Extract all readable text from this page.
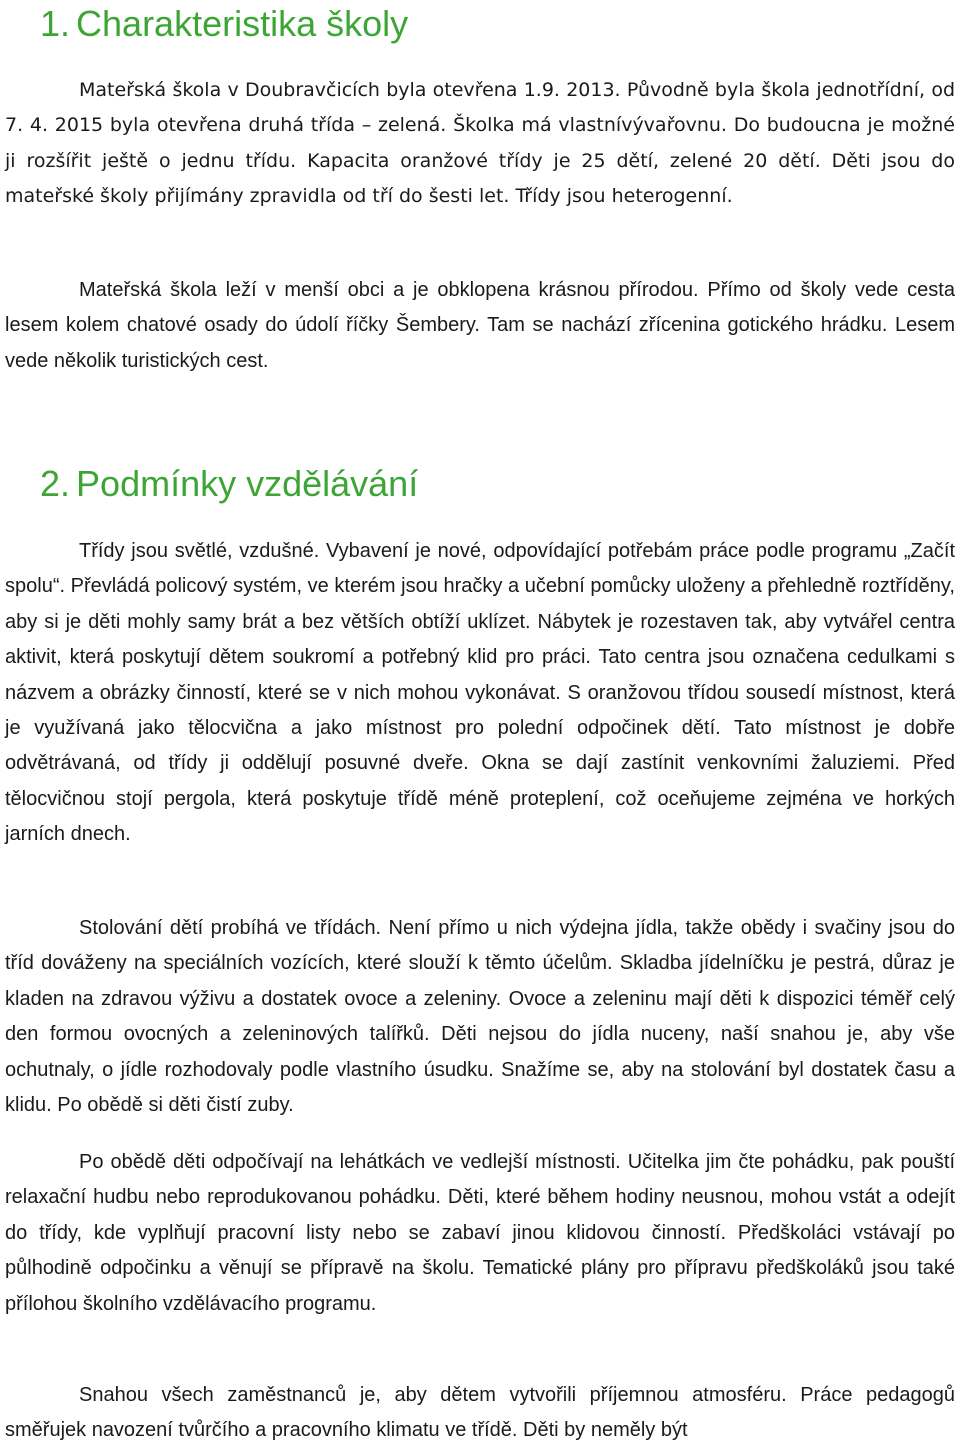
1. Charakteristika školy

Mateřská škola v Doubravčicích byla otevřena 1.9. 2013. Původně byla škola jednotřídní, od 7. 4. 2015 byla otevřena druhá třída – zelená. Školka má vlastnívývařovnu. Do budoucna je možné ji rozšířit ještě o jednu třídu. Kapacita oranžové třídy je 25 dětí, zelené 20 dětí. Děti jsou do mateřské školy přijímány zpravidla od tří do šesti let. Třídy jsou heterogenní.

Mateřská škola leží v menší obci a je obklopena krásnou přírodou. Přímo od školy vede cesta lesem kolem chatové osady do údolí říčky Šembery. Tam se nachází zřícenina gotického hrádku. Lesem vede několik turistických cest.

2. Podmínky vzdělávání

Třídy jsou světlé, vzdušné. Vybavení je nové, odpovídající potřebám práce podle programu „Začít spolu“. Převládá policový systém, ve kterém jsou hračky a učební pomůcky uloženy a přehledně roztříděny, aby si je děti mohly samy brát a bez větších obtíží uklízet. Nábytek je rozestaven tak, aby vytvářel centra aktivit, která poskytují dětem soukromí a potřebný klid pro práci. Tato centra jsou označena cedulkami s názvem a obrázky činností, které se v nich mohou vykonávat. S oranžovou třídou sousedí místnost, která je využívaná jako tělocvična a jako místnost pro polední odpočinek dětí. Tato místnost je dobře odvětrávaná, od třídy ji oddělují posuvné dveře. Okna se dají zastínit venkovními žaluziemi. Před tělocvičnou stojí pergola, která poskytuje třídě méně proteplení, což oceňujeme zejména ve horkých jarních dnech.

Stolování dětí probíhá ve třídách. Není přímo u nich výdejna jídla, takže obědy i svačiny jsou do tříd dováženy na speciálních vozících, které slouží k těmto účelům. Skladba jídelníčku je pestrá, důraz je kladen na zdravou výživu a dostatek ovoce a zeleniny. Ovoce a zeleninu mají děti k dispozici téměř celý den formou ovocných a zeleninových talířků. Děti nejsou do jídla nuceny, naší snahou je, aby vše ochutnaly, o jídle rozhodovaly podle vlastního úsudku. Snažíme se, aby na stolování byl dostatek času a klidu. Po obědě si děti čistí zuby.

Po obědě děti odpočívají na lehátkách ve vedlejší místnosti. Učitelka jim čte pohádku, pak pouští relaxační hudbu nebo reprodukovanou pohádku. Děti, které během hodiny neusnou, mohou vstát a odejít do třídy, kde vyplňují pracovní listy nebo se zabaví jinou klidovou činností. Předškoláci vstávají po půlhodině odpočinku a věnují se přípravě na školu. Tematické plány pro přípravu předškoláků jsou také přílohou školního vzdělávacího programu.

Snahou všech zaměstnanců je, aby dětem vytvořili příjemnou atmosféru. Práce pedagogů směřujek navození tvůrčího a pracovního klimatu ve třídě. Děti by neměly být
